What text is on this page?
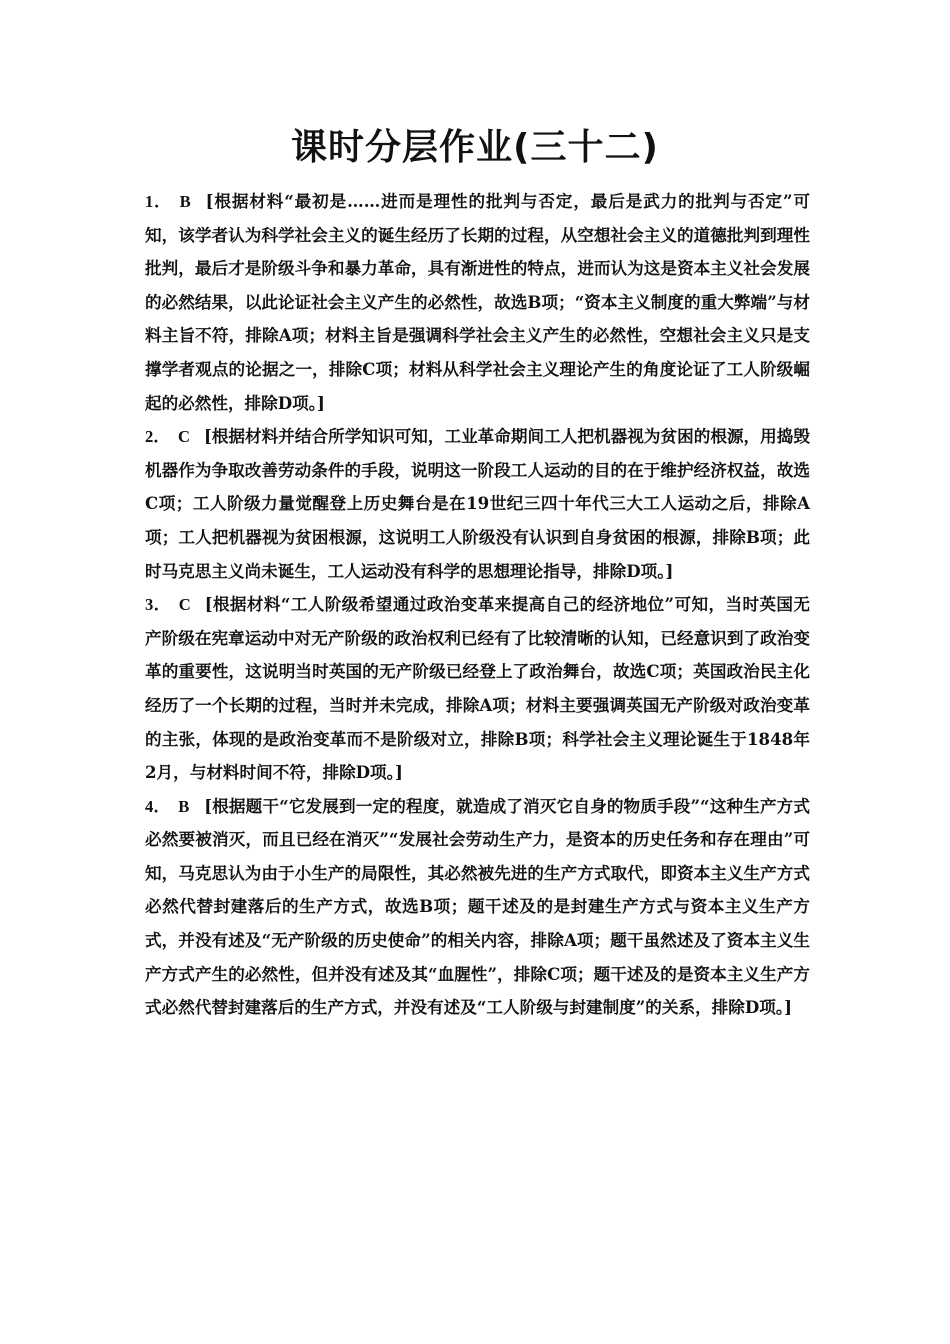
课时分层作业(三十二)

1． B [根据材料“最初是……进而是理性的批判与否定，最后是武力的批判与否定”可知，该学者认为科学社会主义的诞生经历了长期的过程，从空想社会主义的道德批判到理性批判，最后才是阶级斗争和暴力革命，具有渐进性的特点，进而认为这是资本主义社会发展的必然结果，以此论证社会主义产生的必然性，故选B项；“资本主义制度的重大弊端”与材料主旨不符，排除A项；材料主旨是强调科学社会主义产生的必然性，空想社会主义只是支撑学者观点的论据之一，排除C项；材料从科学社会主义理论产生的角度论证了工人阶级崛起的必然性，排除D项。]

2． C [根据材料并结合所学知识可知，工业革命期间工人把机器视为贫困的根源，用捣毁机器作为争取改善劳动条件的手段，说明这一阶段工人运动的目的在于维护经济权益，故选C项；工人阶级力量觉醒登上历史舞台是在19世纪三四十年代三大工人运动之后，排除A项；工人把机器视为贫困根源，这说明工人阶级没有认识到自身贫困的根源，排除B项；此时马克思主义尚未诞生，工人运动没有科学的思想理论指导，排除D项。]

3． C [根据材料“工人阶级希望通过政治变革来提高自己的经济地位”可知，当时英国无产阶级在宪章运动中对无产阶级的政治权利已经有了比较清晰的认知，已经意识到了政治变革的重要性，这说明当时英国的无产阶级已经登上了政治舞台，故选C项；英国政治民主化经历了一个长期的过程，当时并未完成，排除A项；材料主要强调英国无产阶级对政治变革的主张，体现的是政治变革而不是阶级对立，排除B项；科学社会主义理论诞生于1848年2月，与材料时间不符，排除D项。]

4． B [根据题干“它发展到一定的程度，就造成了消灭它自身的物质手段”“这种生产方式必然要被消灭，而且已经在消灭”“发展社会劳动生产力，是资本的历史任务和存在理由”可知，马克思认为由于小生产的局限性，其必然被先进的生产方式取代，即资本主义生产方式必然代替封建落后的生产方式，故选B项；题干述及的是封建生产方式与资本主义生产方式，并没有述及“无产阶级的历史使命”的相关内容，排除A项；题干虽然述及了资本主义生产方式产生的必然性，但并没有述及其“血腥性”，排除C项；题干述及的是资本主义生产方式必然代替封建落后的生产方式，并没有述及“工人阶级与封建制度”的关系，排除D项。]
